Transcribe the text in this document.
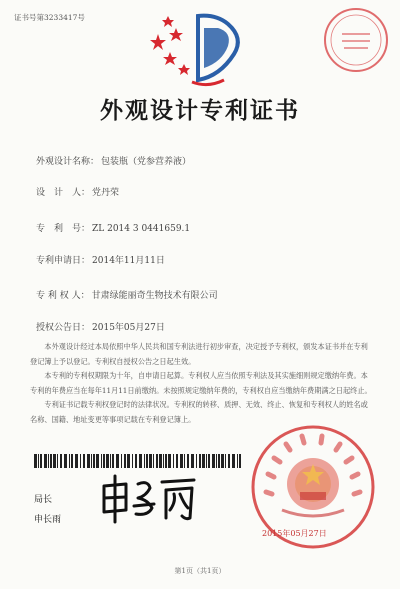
证书号第3233417号
外观设计专利证书
外观设计名称： 包装瓶（党参营养液）
设　计　人： 党丹荣
专　利　号： ZL 2014 3 0441659.1
专利申请日： 2014年11月11日
专 利 权 人： 甘肃绿能丽奇生物技术有限公司
授权公告日： 2015年05月27日

本外观设计经过本局依照中华人民共和国专利法进行初步审查，决定授予专利权，颁发本证书并在专利登记簿上予以登记。专利权自授权公告之日起生效。

本专利的专利权期限为十年，自申请日起算。专利权人应当依照专利法及其实施细则规定缴纳年费。本专利的年费应当在每年11月11日前缴纳。未按照规定缴纳年费的，专利权自应当缴纳年费期满之日起终止。

专利证书记载专利权登记时的法律状况。专利权的转移、质押、无效、终止、恢复和专利权人的姓名或名称、国籍、地址变更等事项记载在专利登记簿上。

局长
申长雨
2015年05月27日
第1页（共1页）
